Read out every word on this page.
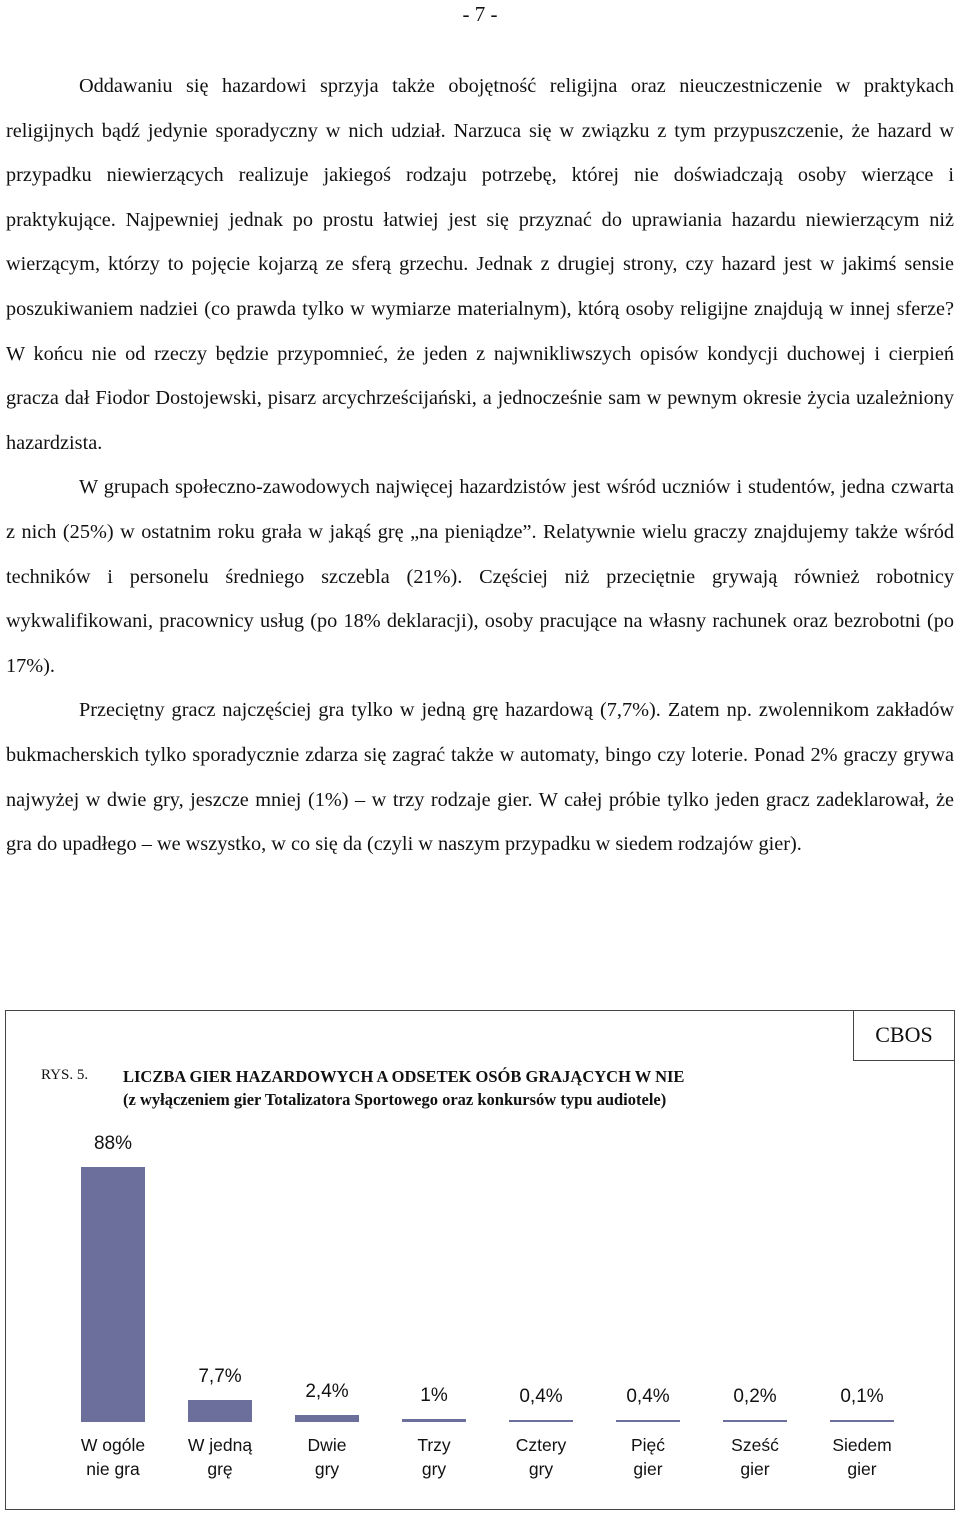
- 7 -

Oddawaniu się hazardowi sprzyja także obojętność religijna oraz nieuczestniczenie w praktykach religijnych bądź jedynie sporadyczny w nich udział. Narzuca się w związku z tym przypuszczenie, że hazard w przypadku niewierzących realizuje jakiegoś rodzaju potrzebę, której nie doświadczają osoby wierzące i praktykujące. Najpewniej jednak po prostu łatwiej jest się przyznać do uprawiania hazardu niewierzącym niż wierzącym, którzy to pojęcie kojarzą ze sferą grzechu. Jednak z drugiej strony, czy hazard jest w jakimś sensie poszukiwaniem nadziei (co prawda tylko w wymiarze materialnym), którą osoby religijne znajdują w innej sferze? W końcu nie od rzeczy będzie przypomnieć, że jeden z najwnikliwszych opisów kondycji duchowej i cierpień gracza dał Fiodor Dostojewski, pisarz arcychrześcijański, a jednocześnie sam w pewnym okresie życia uzależniony hazardzista.

W grupach społeczno-zawodowych najwięcej hazardzistów jest wśród uczniów i studentów, jedna czwarta z nich (25%) w ostatnim roku grała w jakąś grę „na pieniądze”. Relatywnie wielu graczy znajdujemy także wśród techników i personelu średniego szczebla (21%). Częściej niż przeciętnie grywają również robotnicy wykwalifikowani, pracownicy usług (po 18% deklaracji), osoby pracujące na własny rachunek oraz bezrobotni (po 17%).

Przeciętny gracz najczęściej gra tylko w jedną grę hazardową (7,7%). Zatem np. zwolennikom zakładów bukmacherskich tylko sporadycznie zdarza się zagrać także w automaty, bingo czy loterie. Ponad 2% graczy grywa najwyżej w dwie gry, jeszcze mniej (1%) – w trzy rodzaje gier. W całej próbie tylko jeden gracz zadeklarował, że gra do upadłego – we wszystko, w co się da (czyli w naszym przypadku w siedem rodzajów gier).

CBOS
RYS. 5. LICZBA GIER HAZARDOWYCH A ODSETEK OSÓB GRAJĄCYCH W NIE
(z wyłączeniem gier Totalizatora Sportowego oraz konkursów typu audiotele)
88%
W ogóle
nie gra
7,7%
W jedną
grę
2,4%
Dwie
gry
1%
Trzy
gry
0,4%
Cztery
gry
0,4%
Pięć
gier
0,2%
Sześć
gier
0,1%
Siedem
gier
